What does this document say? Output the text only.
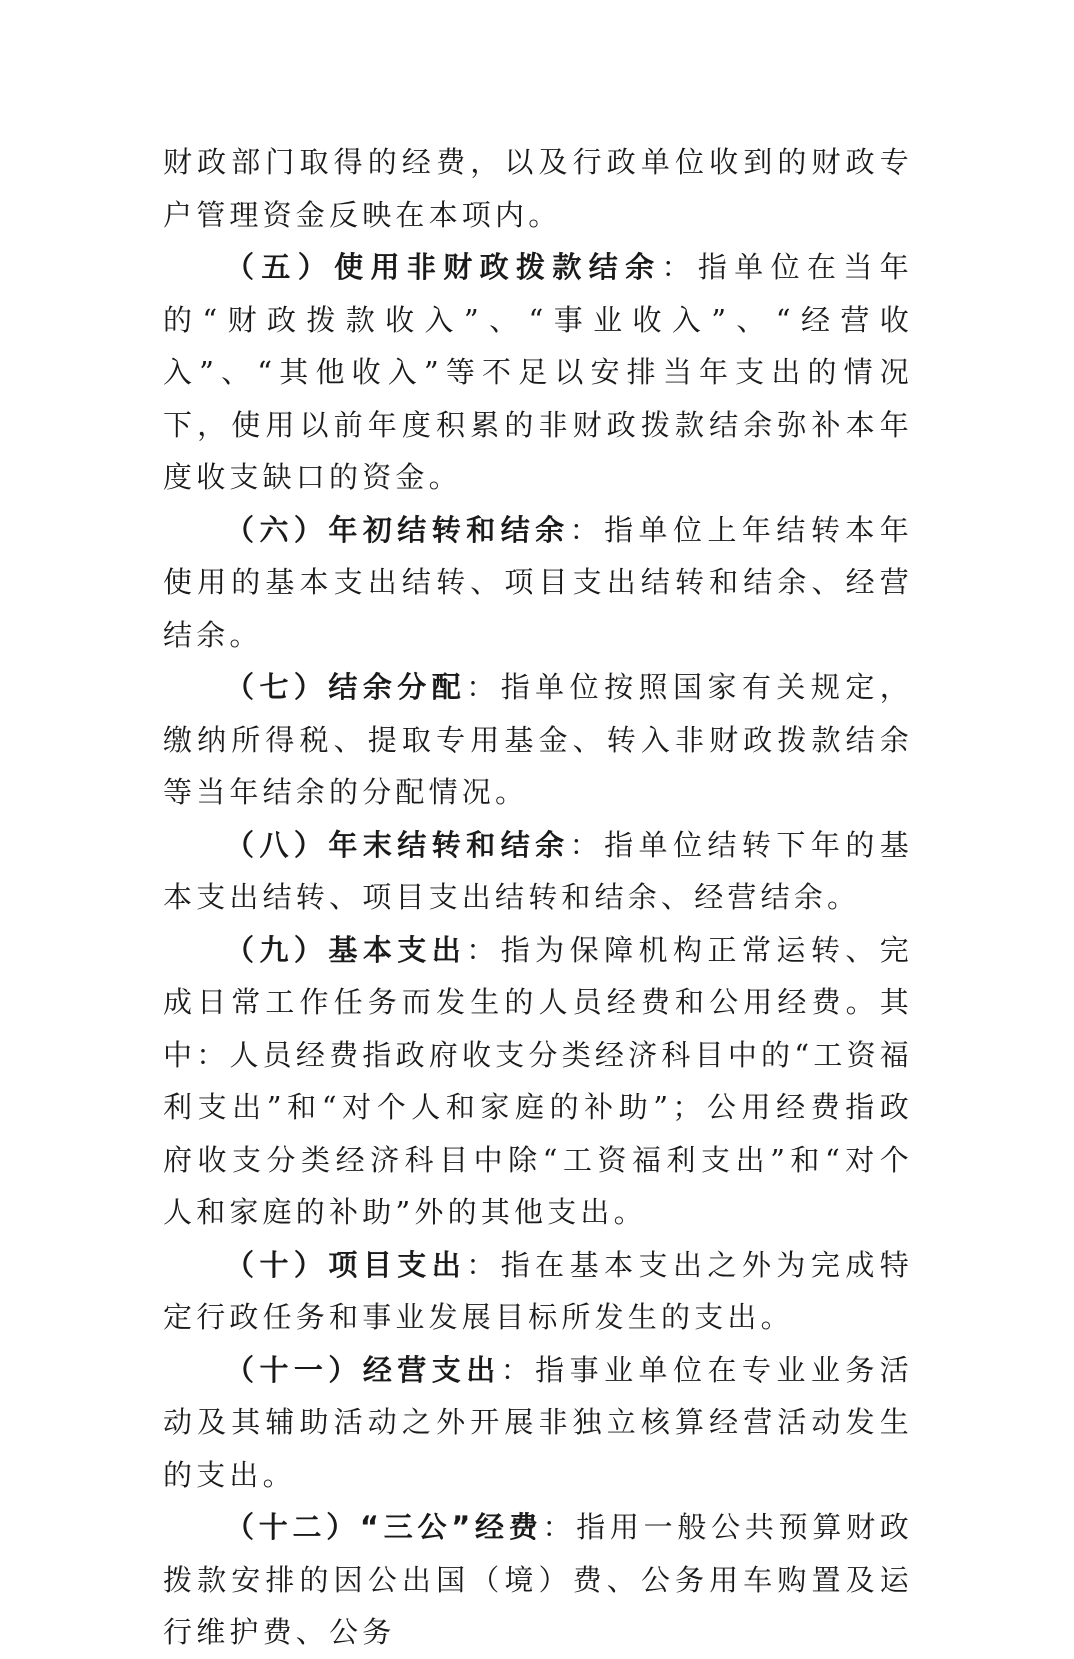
财政部门取得的经费，以及行政单位收到的财政专户管理资金反映在本项内。

（五）使用非财政拨款结余：指单位在当年的“财政拨款收入”、“事业收入”、“经营收入”、“其他收入”等不足以安排当年支出的情况下，使用以前年度积累的非财政拨款结余弥补本年度收支缺口的资金。

（六）年初结转和结余：指单位上年结转本年使用的基本支出结转、项目支出结转和结余、经营结余。

（七）结余分配：指单位按照国家有关规定，缴纳所得税、提取专用基金、转入非财政拨款结余等当年结余的分配情况。

（八）年末结转和结余：指单位结转下年的基本支出结转、项目支出结转和结余、经营结余。

（九）基本支出：指为保障机构正常运转、完成日常工作任务而发生的人员经费和公用经费。其中：人员经费指政府收支分类经济科目中的“工资福利支出”和“对个人和家庭的补助”；公用经费指政府收支分类经济科目中除“工资福利支出”和“对个人和家庭的补助”外的其他支出。

（十）项目支出：指在基本支出之外为完成特定行政任务和事业发展目标所发生的支出。

（十一）经营支出：指事业单位在专业业务活动及其辅助活动之外开展非独立核算经营活动发生的支出。

（十二）“三公”经费：指用一般公共预算财政拨款安排的因公出国（境）费、公务用车购置及运行维护费、公务
